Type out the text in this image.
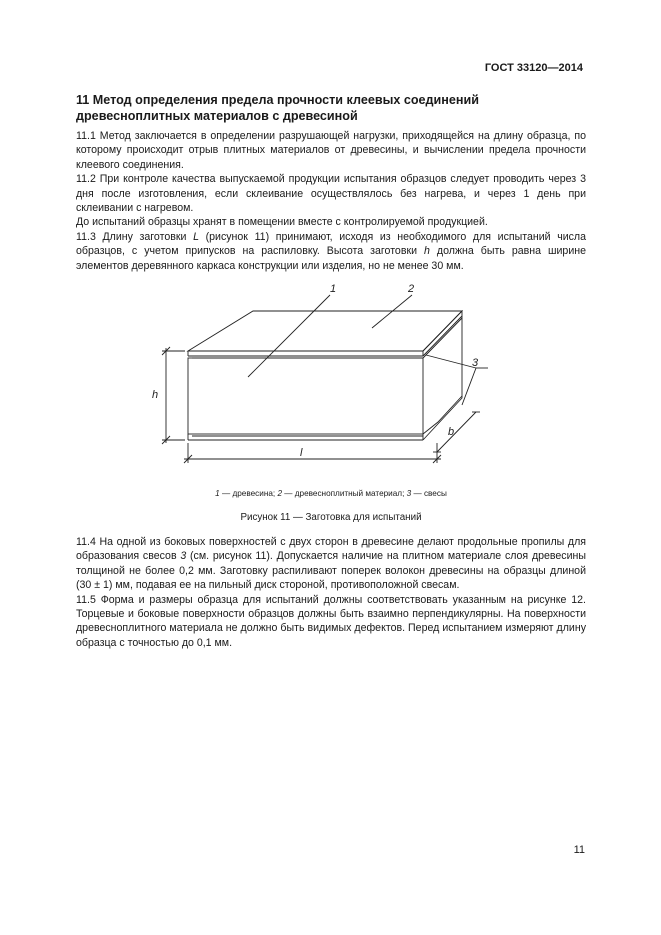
ГОСТ 33120—2014
11 Метод определения предела прочности клеевых соединений древесноплитных материалов с древесиной

11.1 Метод заключается в определении разрушающей нагрузки, приходящейся на длину образца, по которому происходит отрыв плитных материалов от древесины, и вычислении предела прочности клеевого соединения.

11.2 При контроле качества выпускаемой продукции испытания образцов следует проводить через 3 дня после изготовления, если склеивание осуществлялось без нагрева, и через 1 день при склеивании с нагревом.

До испытаний образцы хранят в помещении вместе с контролируемой продукцией.

11.3 Длину заготовки L (рисунок 11) принимают, исходя из необходимого для испытаний числа образцов, с учетом припусков на распиловку. Высота заготовки h должна быть равна ширине элементов деревянного каркаса конструкции или изделия, но не менее 30 мм.

1	2
3
h
l
b
1 — древесина; 2 — древесноплитный материал; 3 — свесы
Рисунок 11 — Заготовка для испытаний

11.4 На одной из боковых поверхностей с двух сторон в древесине делают продольные пропилы для образования свесов 3 (см. рисунок 11). Допускается наличие на плитном материале слоя древесины толщиной не более 0,2 мм. Заготовку распиливают поперек волокон древесины на образцы длиной (30 ± 1) мм, подавая ее на пильный диск стороной, противоположной свесам.

11.5 Форма и размеры образца для испытаний должны соответствовать указанным на рисунке 12. Торцевые и боковые поверхности образцов должны быть взаимно перпендикулярны. На поверхности древесноплитного материала не должно быть видимых дефектов. Перед испытанием измеряют длину образца с точностью до 0,1 мм.

11
